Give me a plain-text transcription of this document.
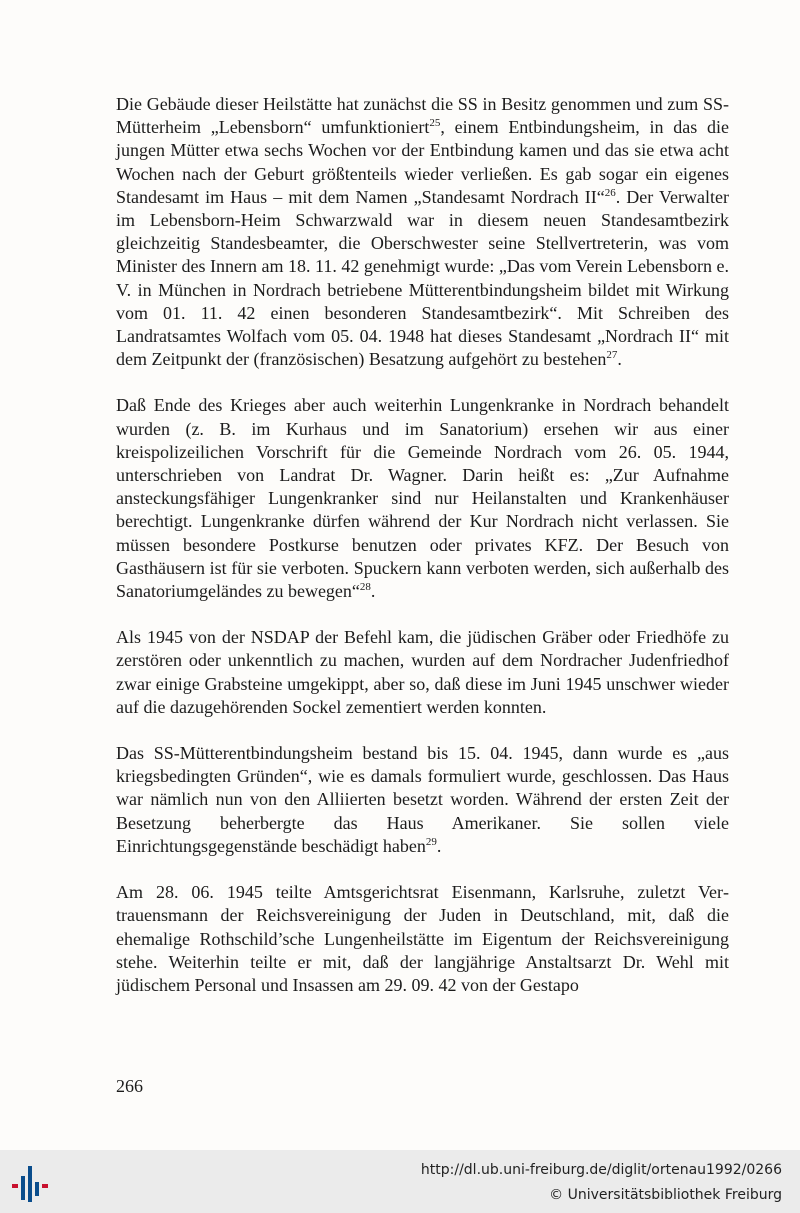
Die Gebäude dieser Heilstätte hat zunächst die SS in Besitz genommen und zum SS-Mütterheim „Lebensborn“ umfunktioniert$^{25}$, einem Entbindungsheim, in das die jungen Mütter etwa sechs Wochen vor der Entbindung kamen und das sie etwa acht Wochen nach der Geburt größtenteils wieder verließen. Es gab sogar ein eigenes Standesamt im Haus – mit dem Namen „Standesamt Nordrach II“$^{26}$. Der Verwalter im Lebensborn-Heim Schwarzwald war in diesem neuen Standesamtbezirk gleichzeitig Standesbeamter, die Oberschwester seine Stellvertreterin, was vom Minister des Innern am 18. 11. 42 genehmigt wurde: „Das vom Verein Lebensborn e. V. in München in Nordrach betriebene Mütterentbindungsheim bildet mit Wirkung vom 01. 11. 42 einen besonderen Standesamtbezirk“. Mit Schreiben des Landratsamtes Wolfach vom 05. 04. 1948 hat dieses Standesamt „Nordrach II“ mit dem Zeitpunkt der (französischen) Besatzung aufgehört zu bestehen$^{27}$.

Daß Ende des Krieges aber auch weiterhin Lungenkranke in Nordrach behandelt wurden (z. B. im Kurhaus und im Sanatorium) ersehen wir aus einer kreispolizeilichen Vorschrift für die Gemeinde Nordrach vom 26. 05. 1944, unterschrieben von Landrat Dr. Wagner. Darin heißt es: „Zur Aufnahme ansteckungsfähiger Lungenkranker sind nur Heilanstalten und Krankenhäuser berechtigt. Lungenkranke dürfen während der Kur Nordrach nicht verlassen. Sie müssen besondere Postkurse benutzen oder privates KFZ. Der Besuch von Gasthäusern ist für sie verboten. Spuckern kann verboten werden, sich außerhalb des Sanatoriumgeländes zu bewegen“$^{28}$.

Als 1945 von der NSDAP der Befehl kam, die jüdischen Gräber oder Friedhöfe zu zerstören oder unkenntlich zu machen, wurden auf dem Nordracher Judenfriedhof zwar einige Grabsteine umgekippt, aber so, daß diese im Juni 1945 unschwer wieder auf die dazugehörenden Sockel zementiert werden konnten.

Das SS-Mütterentbindungsheim bestand bis 15. 04. 1945, dann wurde es „aus kriegsbedingten Gründen“, wie es damals formuliert wurde, geschlossen. Das Haus war nämlich nun von den Alliierten besetzt worden. Während der ersten Zeit der Besetzung beherbergte das Haus Amerikaner. Sie sollen viele Einrichtungsgegenstände beschädigt haben$^{29}$.

Am 28. 06. 1945 teilte Amtsgerichtsrat Eisenmann, Karlsruhe, zuletzt Vertrauensmann der Reichsvereinigung der Juden in Deutschland, mit, daß die ehemalige Rothschild’sche Lungenheilstätte im Eigentum der Reichsvereinigung stehe. Weiterhin teilte er mit, daß der langjährige Anstaltsarzt Dr. Wehl mit jüdischem Personal und Insassen am 29. 09. 42 von der Gestapo

266
http://dl.ub.uni-freiburg.de/diglit/ortenau1992/0266
© Universitätsbibliothek Freiburg
